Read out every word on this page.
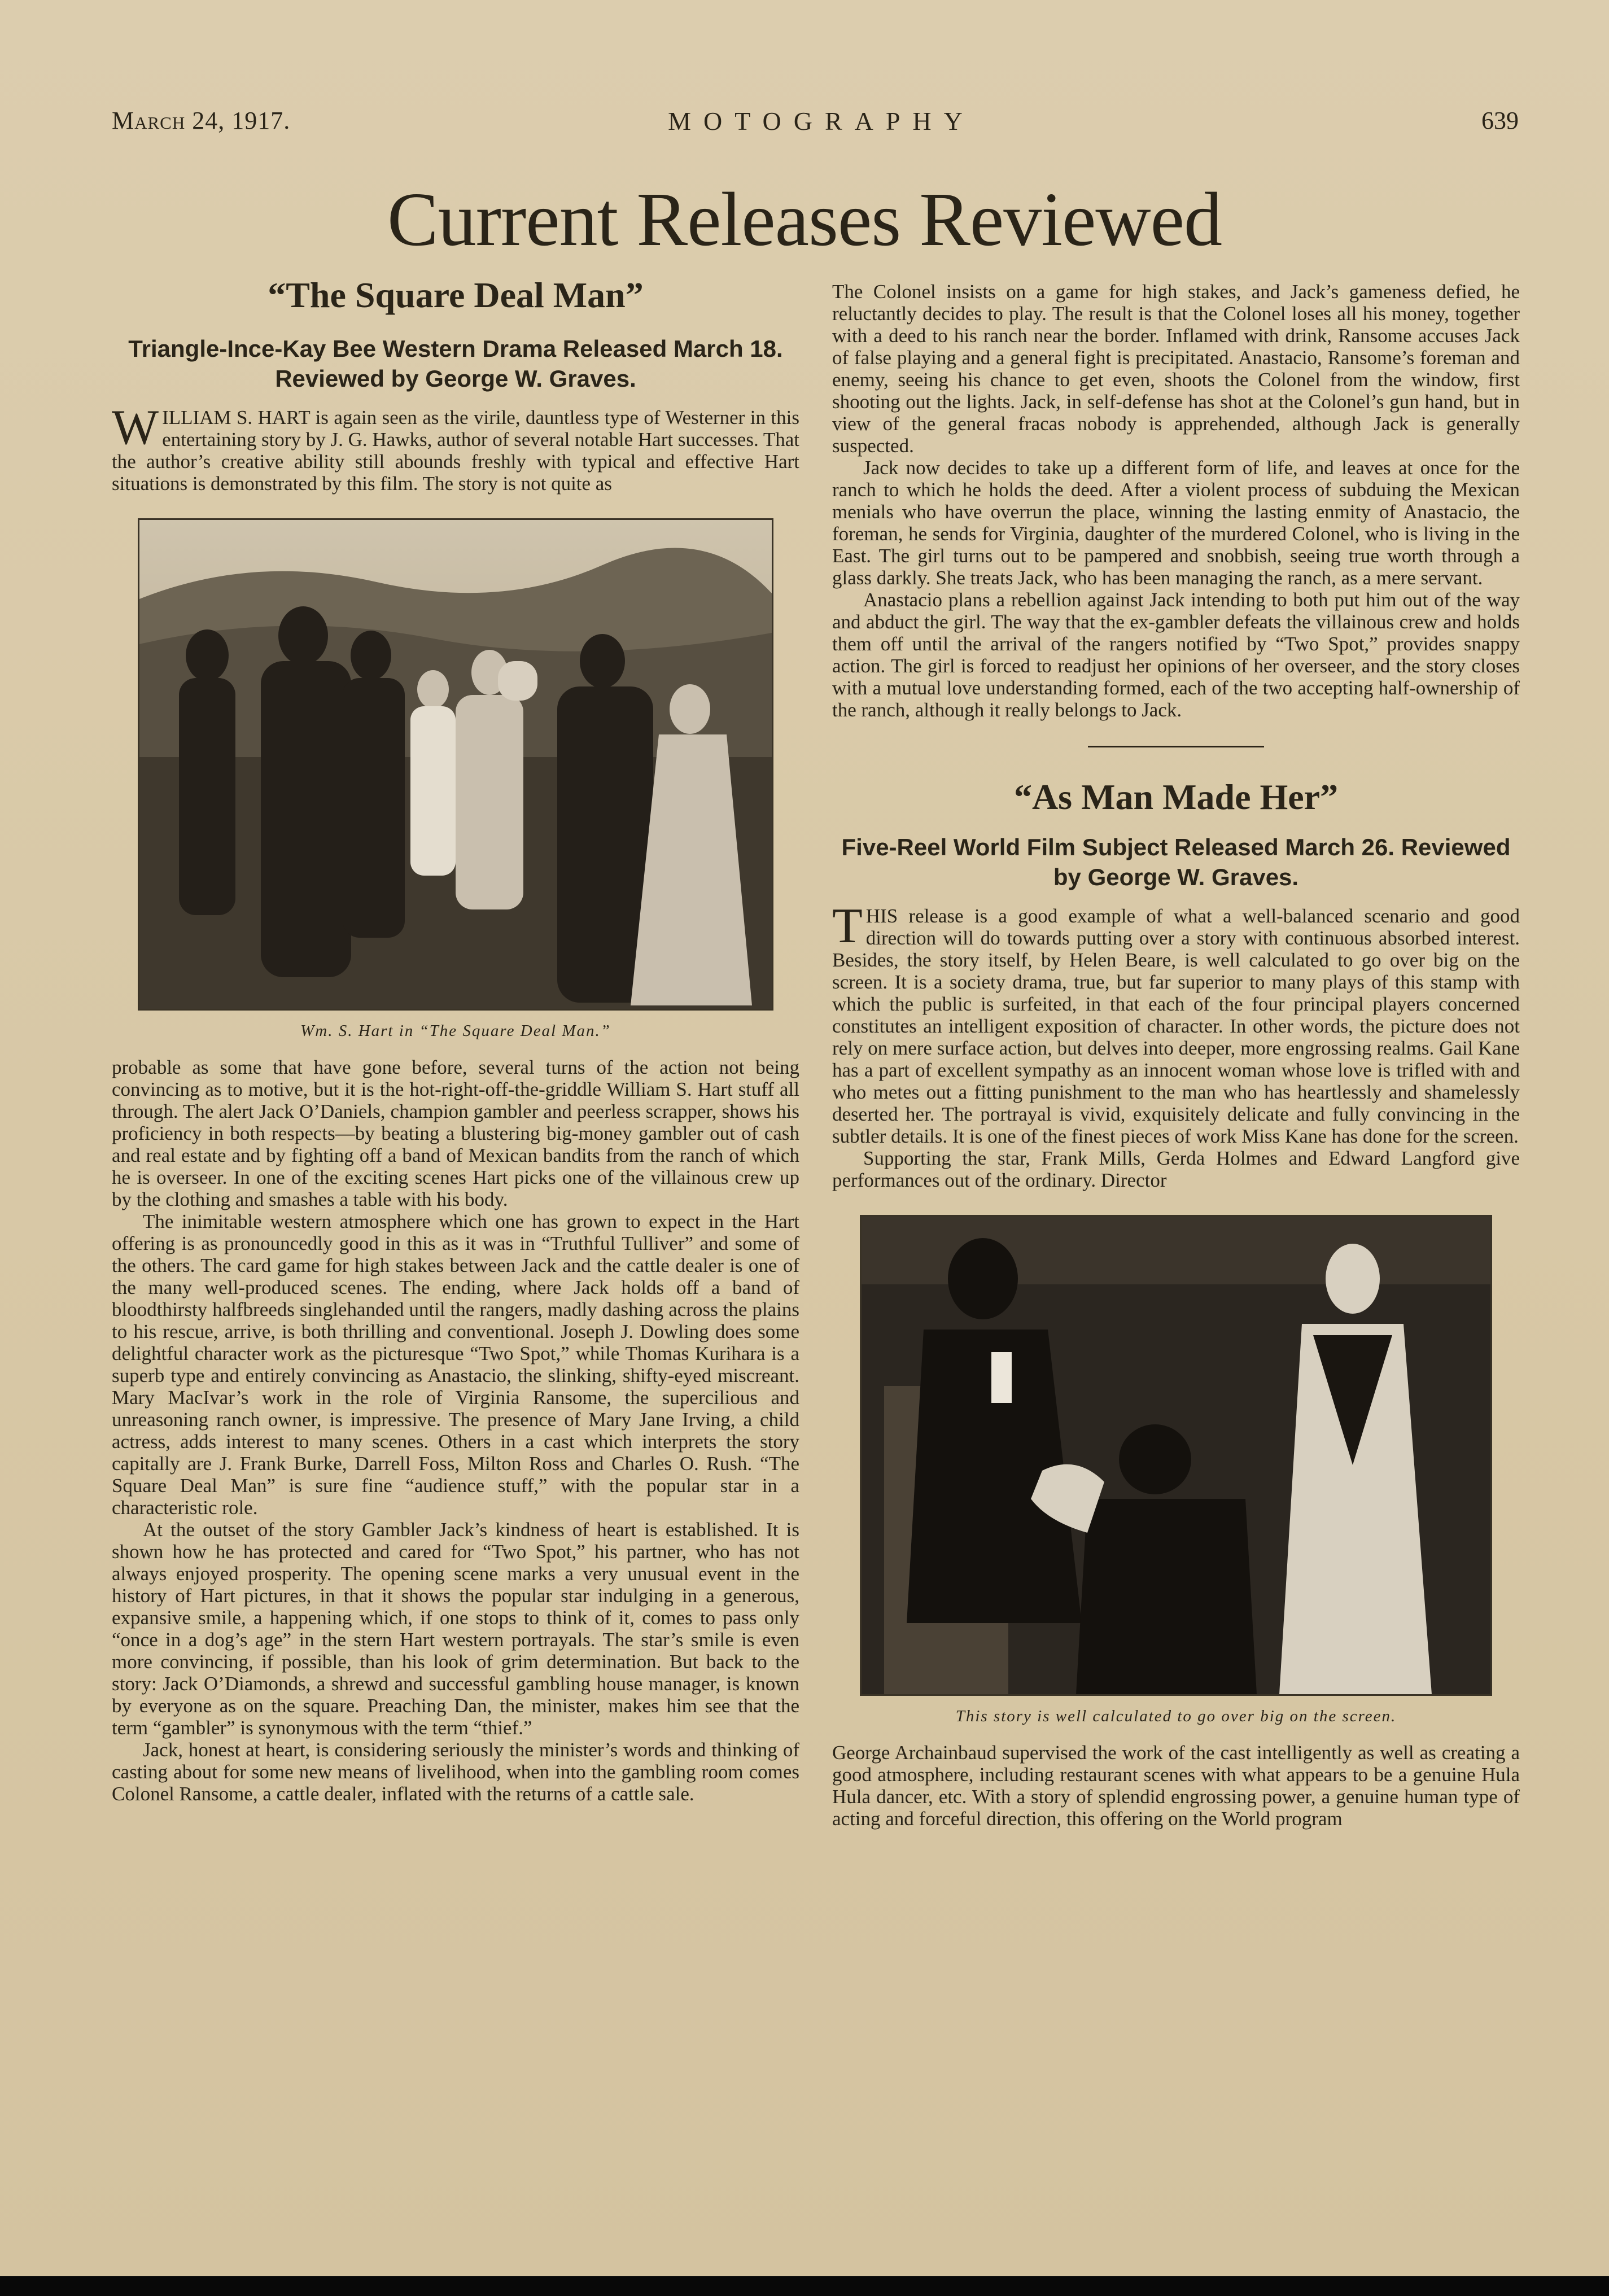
March 24, 1917.	MOTOGRAPHY	639
Current Releases Reviewed
“The Square Deal Man”
Triangle-Ince-Kay Bee Western Drama Released March 18. Reviewed by George W. Graves.

WILLIAM S. HART is again seen as the virile, dauntless type of Westerner in this entertaining story by J. G. Hawks, author of several notable Hart successes. That the author’s creative ability still abounds freshly with typical and effective Hart situations is demonstrated by this film. The story is not quite as

Wm. S. Hart in “The Square Deal Man.”

probable as some that have gone before, several turns of the action not being convincing as to motive, but it is the hot-right-off-the-griddle William S. Hart stuff all through. The alert Jack O’Daniels, champion gambler and peerless scrapper, shows his proficiency in both respects—by beating a blustering big-money gambler out of cash and real estate and by fighting off a band of Mexican bandits from the ranch of which he is overseer. In one of the exciting scenes Hart picks one of the villainous crew up by the clothing and smashes a table with his body.

The inimitable western atmosphere which one has grown to expect in the Hart offering is as pronouncedly good in this as it was in “Truthful Tulliver” and some of the others. The card game for high stakes between Jack and the cattle dealer is one of the many well-produced scenes. The ending, where Jack holds off a band of bloodthirsty halfbreeds singlehanded until the rangers, madly dashing across the plains to his rescue, arrive, is both thrilling and conventional. Joseph J. Dowling does some delightful character work as the picturesque “Two Spot,” while Thomas Kurihara is a superb type and entirely convincing as Anastacio, the slinking, shifty-eyed miscreant. Mary MacIvar’s work in the role of Virginia Ransome, the supercilious and unreasoning ranch owner, is impressive. The presence of Mary Jane Irving, a child actress, adds interest to many scenes. Others in a cast which interprets the story capitally are J. Frank Burke, Darrell Foss, Milton Ross and Charles O. Rush. “The Square Deal Man” is sure fine “audience stuff,” with the popular star in a characteristic role.

At the outset of the story Gambler Jack’s kindness of heart is established. It is shown how he has protected and cared for “Two Spot,” his partner, who has not always enjoyed prosperity. The opening scene marks a very unusual event in the history of Hart pictures, in that it shows the popular star indulging in a generous, expansive smile, a happening which, if one stops to think of it, comes to pass only “once in a dog’s age” in the stern Hart western portrayals. The star’s smile is even more convincing, if possible, than his look of grim determination. But back to the story: Jack O’Diamonds, a shrewd and successful gambling house manager, is known by everyone as on the square. Preaching Dan, the minister, makes him see that the term “gambler” is synonymous with the term “thief.”

Jack, honest at heart, is considering seriously the minister’s words and thinking of casting about for some new means of livelihood, when into the gambling room comes Colonel Ransome, a cattle dealer, inflated with the returns of a cattle sale.

The Colonel insists on a game for high stakes, and Jack’s gameness defied, he reluctantly decides to play. The result is that the Colonel loses all his money, together with a deed to his ranch near the border. Inflamed with drink, Ransome accuses Jack of false playing and a general fight is precipitated. Anastacio, Ransome’s foreman and enemy, seeing his chance to get even, shoots the Colonel from the window, first shooting out the lights. Jack, in self-defense has shot at the Colonel’s gun hand, but in view of the general fracas nobody is apprehended, although Jack is generally suspected.

Jack now decides to take up a different form of life, and leaves at once for the ranch to which he holds the deed. After a violent process of subduing the Mexican menials who have overrun the place, winning the lasting enmity of Anastacio, the foreman, he sends for Virginia, daughter of the murdered Colonel, who is living in the East. The girl turns out to be pampered and snobbish, seeing true worth through a glass darkly. She treats Jack, who has been managing the ranch, as a mere servant.

Anastacio plans a rebellion against Jack intending to both put him out of the way and abduct the girl. The way that the ex-gambler defeats the villainous crew and holds them off until the arrival of the rangers notified by “Two Spot,” provides snappy action. The girl is forced to readjust her opinions of her overseer, and the story closes with a mutual love understanding formed, each of the two accepting half-ownership of the ranch, although it really belongs to Jack.

“As Man Made Her”
Five-Reel World Film Subject Released March 26. Reviewed by George W. Graves.

THIS release is a good example of what a well-balanced scenario and good direction will do towards putting over a story with continuous absorbed interest. Besides, the story itself, by Helen Beare, is well calculated to go over big on the screen. It is a society drama, true, but far superior to many plays of this stamp with which the public is surfeited, in that each of the four principal players concerned constitutes an intelligent exposition of character. In other words, the picture does not rely on mere surface action, but delves into deeper, more engrossing realms. Gail Kane has a part of excellent sympathy as an innocent woman whose love is trifled with and who metes out a fitting punishment to the man who has heartlessly and shamelessly deserted her. The portrayal is vivid, exquisitely delicate and fully convincing in the subtler details. It is one of the finest pieces of work Miss Kane has done for the screen.

Supporting the star, Frank Mills, Gerda Holmes and Edward Langford give performances out of the ordinary. Director

This story is well calculated to go over big on the screen.

George Archainbaud supervised the work of the cast intelligently as well as creating a good atmosphere, including restaurant scenes with what appears to be a genuine Hula Hula dancer, etc. With a story of splendid engrossing power, a genuine human type of acting and forceful direction, this offering on the World program
